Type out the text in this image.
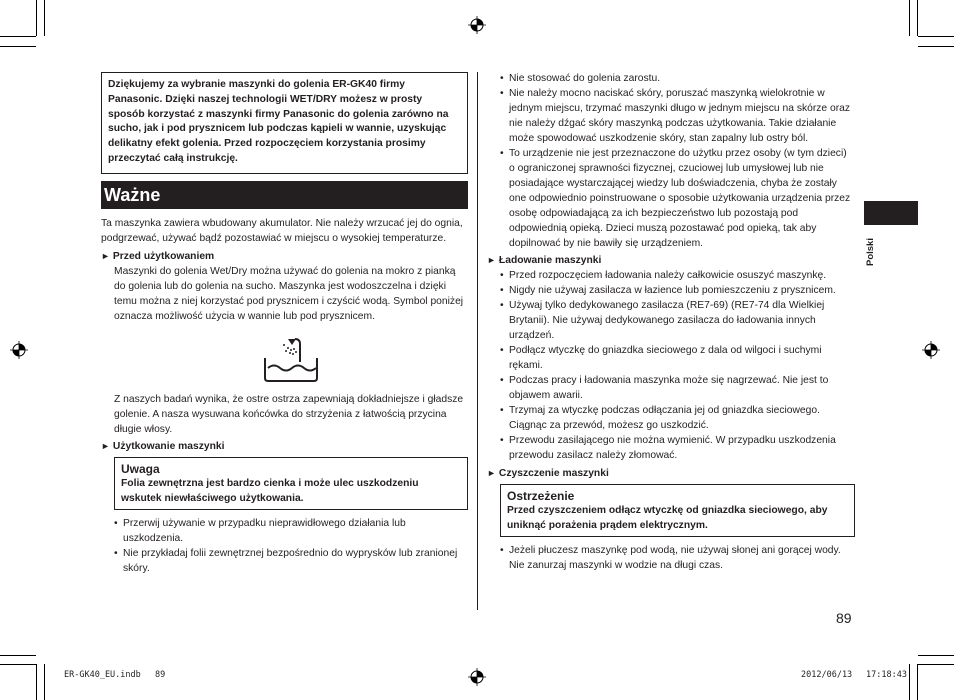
Dziękujemy za wybranie maszynki do golenia ER-GK40 firmy Panasonic. Dzięki naszej technologii WET/DRY możesz w prosty sposób korzystać z maszynki firmy Panasonic do golenia zarówno na sucho, jak i pod prysznicem lub podczas kąpieli w wannie, uzyskując delikatny efekt golenia. Przed rozpoczęciem korzystania prosimy przeczytać całą instrukcję.
Ważne
Ta maszynka zawiera wbudowany akumulator. Nie należy wrzucać jej do ognia, podgrzewać, używać bądź pozostawiać w miejscu o wysokiej temperaturze.
► Przed użytkowaniem
Maszynki do golenia Wet/Dry można używać do golenia na mokro z pianką do golenia lub do golenia na sucho. Maszynka jest wodoszczelna i dzięki temu można z niej korzystać pod prysznicem i czyścić wodą. Symbol poniżej oznacza możliwość użycia w wannie lub pod prysznicem.
Z naszych badań wynika, że ostre ostrza zapewniają dokładniejsze i gładsze golenie. A nasza wysuwana końcówka do strzyżenia z łatwością przycina długie włosy.
► Użytkowanie maszynki
Uwaga
Folia zewnętrzna jest bardzo cienka i może ulec uszkodzeniu wskutek niewłaściwego użytkowania.
• Przerwij używanie w przypadku nieprawidłowego działania lub uszkodzenia.
• Nie przykładaj folii zewnętrznej bezpośrednio do wyprysków lub zranionej skóry.
• Nie stosować do golenia zarostu.
• Nie należy mocno naciskać skóry, poruszać maszynką wielokrotnie w jednym miejscu, trzymać maszynki długo w jednym miejscu na skórze oraz nie należy dźgać skóry maszynką podczas użytkowania. Takie działanie może spowodować uszkodzenie skóry, stan zapalny lub ostry ból.
• To urządzenie nie jest przeznaczone do użytku przez osoby (w tym dzieci) o ograniczonej sprawności fizycznej, czuciowej lub umysłowej lub nie posiadające wystarczającej wiedzy lub doświadczenia, chyba że zostały one odpowiednio poinstruowane o sposobie użytkowania urządzenia przez osobę odpowiadającą za ich bezpieczeństwo lub pozostają pod odpowiednią opieką. Dzieci muszą pozostawać pod opieką, tak aby dopilnować by nie bawiły się urządzeniem.
► Ładowanie maszynki
• Przed rozpoczęciem ładowania należy całkowicie osuszyć maszynkę.
• Nigdy nie używaj zasilacza w łazience lub pomieszczeniu z prysznicem.
• Używaj tylko dedykowanego zasilacza (RE7-69) (RE7-74 dla Wielkiej Brytanii). Nie używaj dedykowanego zasilacza do ładowania innych urządzeń.
• Podłącz wtyczkę do gniazdka sieciowego z dala od wilgoci i suchymi rękami.
• Podczas pracy i ładowania maszynka może się nagrzewać. Nie jest to objawem awarii.
• Trzymaj za wtyczkę podczas odłączania jej od gniazdka sieciowego. Ciągnąc za przewód, możesz go uszkodzić.
• Przewodu zasilającego nie można wymienić. W przypadku uszkodzenia przewodu zasilacz należy złomować.
► Czyszczenie maszynki
Ostrzeżenie
Przed czyszczeniem odłącz wtyczkę od gniazdka sieciowego, aby uniknąć porażenia prądem elektrycznym.
• Jeżeli płuczesz maszynkę pod wodą, nie używaj słonej ani gorącej wody. Nie zanurzaj maszynki w wodzie na długi czas.
Polski
89
ER-GK40_EU.indb 89	2012/06/13 17:18:43
